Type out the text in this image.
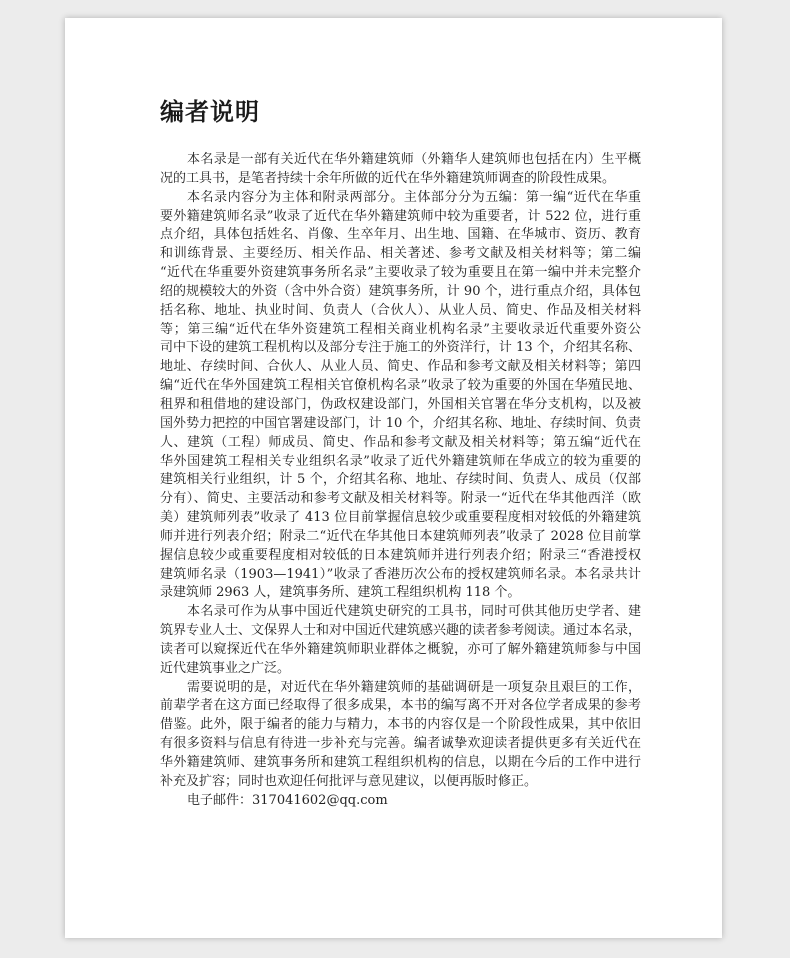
编者说明
本名录是一部有关近代在华外籍建筑师（外籍华人建筑师也包括在内）生平概
况的工具书，是笔者持续十余年所做的近代在华外籍建筑师调查的阶段性成果。
本名录内容分为主体和附录两部分。主体部分分为五编：第一编“近代在华重
要外籍建筑师名录”收录了近代在华外籍建筑师中较为重要者，计 522 位，进行重
点介绍，具体包括姓名、肖像、生卒年月、出生地、国籍、在华城市、资历、教育
和训练背景、主要经历、相关作品、相关著述、参考文献及相关材料等；第二编
“近代在华重要外资建筑事务所名录”主要收录了较为重要且在第一编中并未完整介
绍的规模较大的外资（含中外合资）建筑事务所，计 90 个，进行重点介绍，具体包
括名称、地址、执业时间、负责人（合伙人）、从业人员、简史、作品及相关材料
等；第三编“近代在华外资建筑工程相关商业机构名录”主要收录近代重要外资公
司中下设的建筑工程机构以及部分专注于施工的外资洋行，计 13 个，介绍其名称、
地址、存续时间、合伙人、从业人员、简史、作品和参考文献及相关材料等；第四
编“近代在华外国建筑工程相关官僚机构名录”收录了较为重要的外国在华殖民地、
租界和租借地的建设部门，伪政权建设部门，外国相关官署在华分支机构，以及被
国外势力把控的中国官署建设部门，计 10 个，介绍其名称、地址、存续时间、负责
人、建筑（工程）师成员、简史、作品和参考文献及相关材料等；第五编“近代在
华外国建筑工程相关专业组织名录”收录了近代外籍建筑师在华成立的较为重要的
建筑相关行业组织，计 5 个，介绍其名称、地址、存续时间、负责人、成员（仅部
分有）、简史、主要活动和参考文献及相关材料等。附录一“近代在华其他西洋（欧
美）建筑师列表”收录了 413 位目前掌握信息较少或重要程度相对较低的外籍建筑
师并进行列表介绍；附录二“近代在华其他日本建筑师列表”收录了 2028 位目前掌
握信息较少或重要程度相对较低的日本建筑师并进行列表介绍；附录三“香港授权
建筑师名录（1903—1941）”收录了香港历次公布的授权建筑师名录。本名录共计
录建筑师 2963 人，建筑事务所、建筑工程组织机构 118 个。
本名录可作为从事中国近代建筑史研究的工具书，同时可供其他历史学者、建
筑界专业人士、文保界人士和对中国近代建筑感兴趣的读者参考阅读。通过本名录，
读者可以窥探近代在华外籍建筑师职业群体之概貌，亦可了解外籍建筑师参与中国
近代建筑事业之广泛。
需要说明的是，对近代在华外籍建筑师的基础调研是一项复杂且艰巨的工作，
前辈学者在这方面已经取得了很多成果，本书的编写离不开对各位学者成果的参考
借鉴。此外，限于编者的能力与精力，本书的内容仅是一个阶段性成果，其中依旧
有很多资料与信息有待进一步补充与完善。编者诚挚欢迎读者提供更多有关近代在
华外籍建筑师、建筑事务所和建筑工程组织机构的信息，以期在今后的工作中进行
补充及扩容；同时也欢迎任何批评与意见建议，以便再版时修正。
电子邮件：317041602@qq.com
